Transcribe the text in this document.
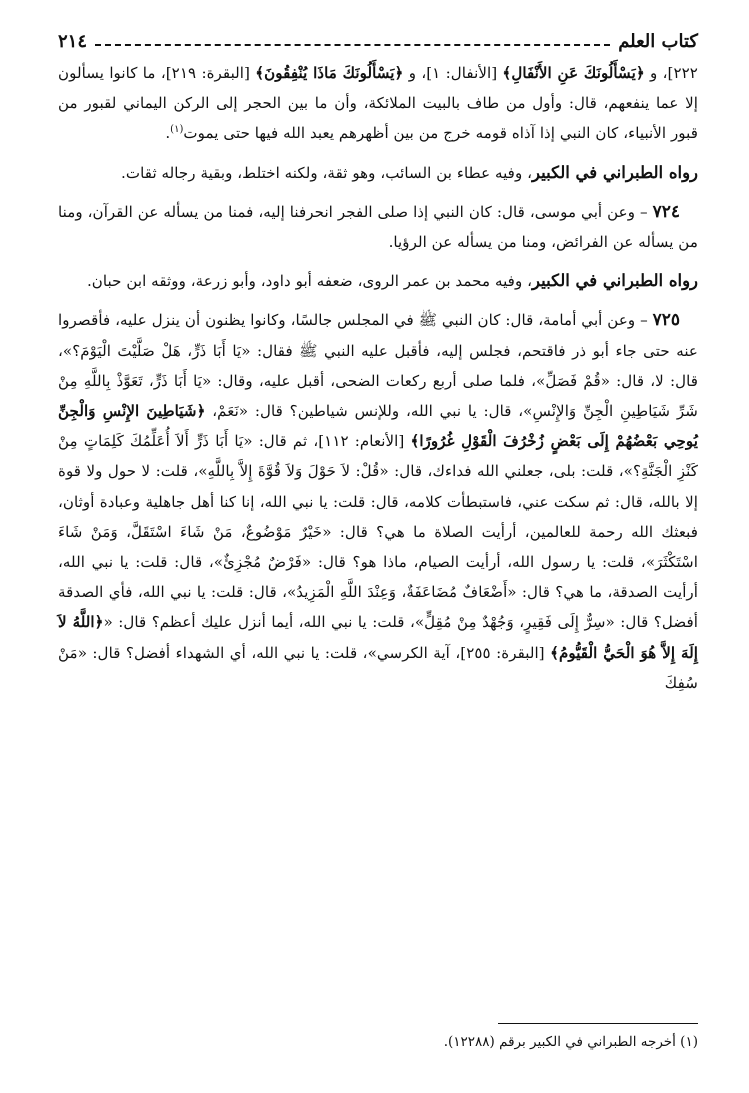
كتاب العلم
٢١٤

٢٢٢]، و ﴿يَسْأَلُونَكَ عَنِ الأَنْفَالِ﴾ [الأنفال: ١]، و ﴿يَسْأَلُونَكَ مَاذَا يُنْفِقُونَ﴾ [البقرة: ٢١٩]، ما كانوا يسألون إلا عما ينفعهم، قال: وأول من طاف بالبيت الملائكة، وأن ما بين الحجر إلى الركن اليماني لقبور من قبور الأنبياء، كان النبي إذا آذاه قومه خرج من بين أظهرهم يعبد الله فيها حتى يموت$^{(١)}$.

رواه الطبراني في الكبير، وفيه عطاء بن السائب، وهو ثقة، ولكنه اختلط، وبقية رجاله ثقات.

٧٢٤ – وعن أبي موسى، قال: كان النبي إذا صلى الفجر انحرفنا إليه، فمنا من يسأله عن القرآن، ومنا من يسأله عن الفرائض، ومنا من يسأله عن الرؤيا.

رواه الطبراني في الكبير، وفيه محمد بن عمر الروى، ضعفه أبو داود، وأبو زرعة، ووثقه ابن حبان.

٧٢٥ – وعن أبي أمامة، قال: كان النبي ﷺ في المجلس جالسًا، وكانوا يظنون أن ينزل عليه، فأقصروا عنه حتى جاء أبو ذر فاقتحم، فجلس إليه، فأقبل عليه النبي ﷺ فقال: «يَا أَبَا ذَرٍّ، هَلْ صَلَّيْتَ الْيَوْمَ؟»، قال: لا، قال: «قُمْ فَصَلِّ»، فلما صلى أربع ركعات الضحى، أقبل عليه، وقال: «يَا أَبَا ذَرٍّ، تَعَوَّذْ بِاللَّهِ مِنْ شَرِّ شَيَاطِينِ الْجِنِّ وَالإِنْسِ»، قال: يا نبي الله، وللإنس شياطين؟ قال: «نَعَمْ، ﴿شَيَاطِينَ الإِنْسِ وَالْجِنِّ يُوحِي بَعْضُهُمْ إِلَى بَعْضٍ زُخْرُفَ الْقَوْلِ غُرُورًا﴾ [الأنعام: ١١٢]، ثم قال: «يَا أَبَا ذَرٍّ أَلاَ أُعَلِّمُكَ كَلِمَاتٍ مِنْ كَنْزِ الْجَنَّةِ؟»، قلت: بلى، جعلني الله فداءك، قال: «قُلْ: لاَ حَوْلَ وَلاَ قُوَّةَ إِلاَّ بِاللَّهِ»، قلت: لا حول ولا قوة إلا بالله، قال: ثم سكت عني، فاستبطأت كلامه، قال: قلت: يا نبي الله، إنا كنا أهل جاهلية وعبادة أوثان، فبعثك الله رحمة للعالمين، أرأيت الصلاة ما هي؟ قال: «خَيْرٌ مَوْضُوعٌ، مَنْ شَاءَ اسْتَقَلَّ، وَمَنْ شَاءَ اسْتَكْثَرَ»، قلت: يا رسول الله، أرأيت الصيام، ماذا هو؟ قال: «فَرْضٌ مُجْزِئٌ»، قال: قلت: يا نبي الله، أرأيت الصدقة، ما هي؟ قال: «أَضْعَافٌ مُضَاعَفَةٌ، وَعِنْدَ اللَّهِ الْمَزِيدُ»، قال: قلت: يا نبي الله، فأي الصدقة أفضل؟ قال: «سِرٌّ إِلَى فَقِيرٍ، وَجُهْدٌ مِنْ مُقِلٍّ»، قلت: يا نبي الله، أيما أنزل عليك أعظم؟ قال: «﴿اللَّهُ لاَ إِلَهَ إِلاَّ هُوَ الْحَيُّ الْقَيُّومُ﴾ [البقرة: ٢٥٥]، آية الكرسي»، قلت: يا نبي الله، أي الشهداء أفضل؟ قال: «مَنْ سُفِكَ

(١) أخرجه الطبراني في الكبير برقم (١٢٢٨٨).
